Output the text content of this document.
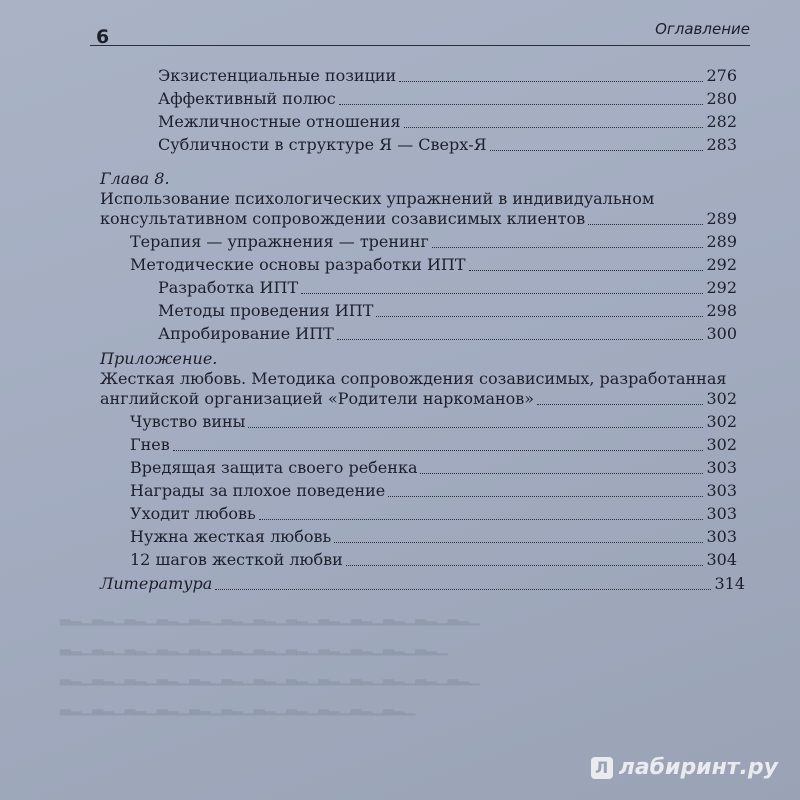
6	Оглавление
Экзистенциальные позиции	276
Аффективный полюс	280
Межличностные отношения	282
Субличности в структуре Я — Сверх-Я	283
Глава 8.
Использование психологических упражнений в индивидуальном
консультативном сопровождении созависимых клиентов	289
Терапия — упражнения — тренинг	289
Методические основы разработки ИПТ	292
Разработка ИПТ	292
Методы проведения ИПТ	298
Апробирование ИПТ	300
Приложение.
Жесткая любовь. Методика сопровождения созависимых, разработанная
английской организацией «Родители наркоманов»	302
Чувство вины	302
Гнев	302
Вредящая защита своего ребенка	303
Награды за плохое поведение	303
Уходит любовь	303
Нужна жесткая любовь	303
12 шагов жесткой любви	304
Литература	314
▁▂▃▁▂▃▁▂▃▁▂▃▁▂▃▁▂▃▁▂▃▁▂▃▁▂▃▁▂▃▁▂▃▁▂▃▁▂▃
▁▂▃▁▂▃▁▂▃▁▂▃▁▂▃▁▂▃▁▂▃▁▂▃▁▂▃▁▂▃▁▂▃▁▂▃
▁▂▃▁▂▃▁▂▃▁▂▃▁▂▃▁▂▃▁▂▃▁▂▃▁▂▃▁▂▃▁▂▃▁▂▃▁▂▃
▁▂▃▁▂▃▁▂▃▁▂▃▁▂▃▁▂▃▁▂▃▁▂▃▁▂▃▁▂▃▁▂▃
Л лабиринт.ру
